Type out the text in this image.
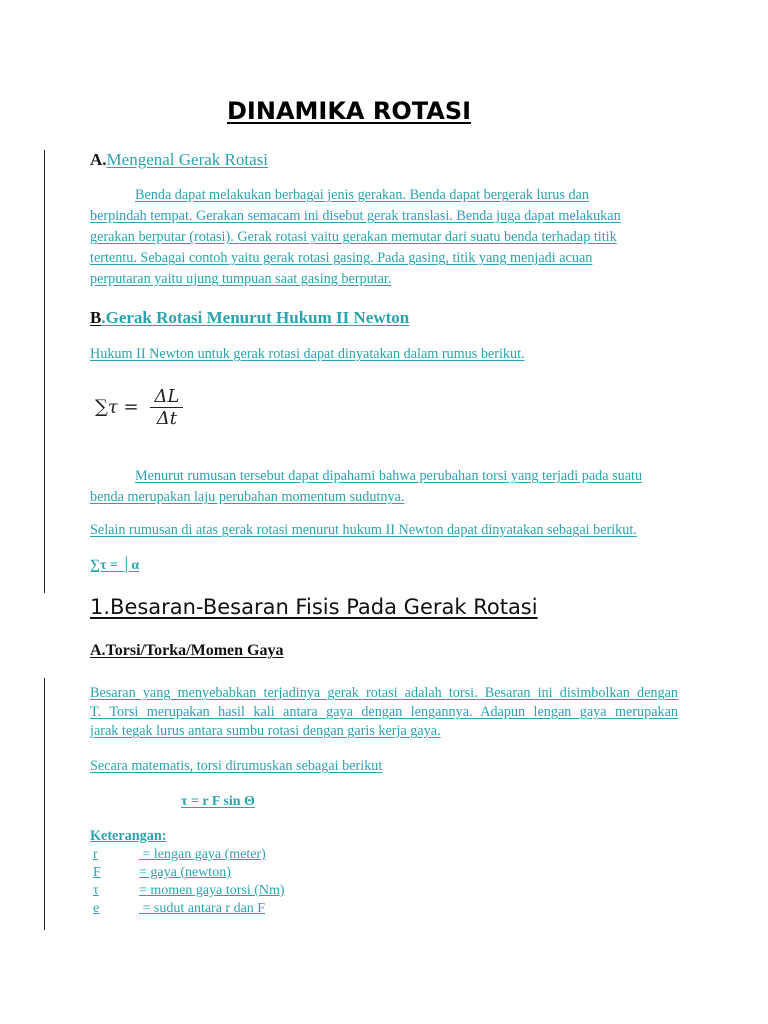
DINAMIKA ROTASI
A.Mengenal Gerak Rotasi
Benda dapat melakukan berbagai jenis gerakan. Benda dapat bergerak lurus dan
berpindah tempat. Gerakan semacam ini disebut gerak translasi. Benda juga dapat melakukan
gerakan berputar (rotasi). Gerak rotasi yaitu gerakan memutar dari suatu benda terhadap titik
tertentu. Sebagai contoh yaitu gerak rotasi gasing. Pada gasing, titik yang menjadi acuan
perputaran yaitu ujung tumpuan saat gasing berputar.
B.Gerak Rotasi Menurut Hukum II Newton
Hukum II Newton untuk gerak rotasi dapat dinyatakan dalam rumus berikut.
$\sum\tau = \frac{\Delta L}{\Delta t}$
Menurut rumusan tersebut dapat dipahami bahwa perubahan torsi yang terjadi pada suatu
benda merupakan laju perubahan momentum sudutnya.
Selain rumusan di atas gerak rotasi menurut hukum II Newton dapat dinyatakan sebagai berikut.
∑τ = │α
1.Besaran-Besaran Fisis Pada Gerak Rotasi
A.Torsi/Torka/Momen Gaya
Besaran yang menyebabkan terjadinya gerak rotasi adalah torsi. Besaran ini disimbolkan dengan
T. Torsi merupakan hasil kali antara gaya dengan lengannya. Adapun lengan gaya merupakan
jarak tegak lurus antara sumbu rotasi dengan garis kerja gaya.
Secara matematis, torsi dirumuskan sebagai berikut
τ = r F sin Θ
Keterangan:
r	= lengan gaya (meter)
F	= gaya (newton)
τ	= momen gaya torsi (Nm)
e	= sudut antara r dan F
